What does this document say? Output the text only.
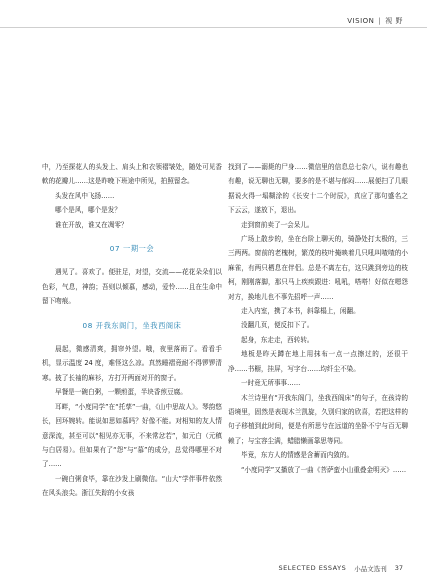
VISION | 视 野

中，乃至探花人的头发上、肩头上和衣领褶皱处，随处可见香軟的花瓣儿……这是昨晚下班途中所见，拍照留念。

头发在风中飞扬……

哪个是风，哪个是发？

谁在开放，谁又在凋零？

07 一期一会

遇见了。喜欢了。便驻足，对望，交流——花花朵朵们以色彩，气息，神韵；吾则以倾慕，感动，爱怜……且在生命中留下吻痕。

08 开我东阁门，坐我西阁床

晨起，微感清爽，拥帘外望。哦，夜里落雨了。看看手机，显示温度 24 度，难怪这么凉。真然睡褶竟耐不得锣锣清寒。披了长袖的麻衫，方打开两面对开的窗子。

早餐是一碗白粥，一颗煎蛋，半块香煎豆腐。

耳畔，“小度同学”在“托孳”一曲，《山中思故人》。琴韵悠长，回环婉转。能说如思如慕吗？好像不能。对相知的友人情意深流，甚至可以“相见亦无事，不来常忿若”，如元白（元稹与白居易）。但如果有了“怨”与“慕”的成分，总觉得哪里不对了……

一碗白粥食毕，靠在沙发上刷微信。“山大”学伴事件依然在风头浪尖。浙江失踪的小女孩

找到了——溺毙的尸身……微信里的信息总七杂八，说有趣也有趣，说无聊也无聊，要多的是不堪与郁闷……展便扫了几眼据说火得一塌糊涂的《长安十二个时辰》，真应了那句盛名之下云云，遂放下，退出。

走到窗前卖了一会呆儿。

广场上散步的，坐在台阶上聊天的，骑静处打太极的，三三两两。窗前的老槐树，繁茂的枝叶掩映着几只吼叫喳喳的小麻雀，有两只栖息在伴侣。总是不离左右，这只跳到旁边的枝柯，刚刚落脚，那只马上疾疾跟进：吼吼，嗒嗒！好似在嗯怨对方，换地儿也不事先招呼一声……

走入内室，携了本书，斜靠榻上，闲翻。

没翻几页，便反扣下了。

起身，东走走，西转转。

地板是昨天蹲在地上用抹布一点一点擦过的，还很干净……书橱，挂屏，写字台……均纤尘不染。

一时竟无所事事……

木兰诗里有“开我东阁门，坐我西阁床”的句子，在孩诗的语境里，固然是表现木兰凯旋，久别归家的欣喜，若把这样的句子移植到此时间，便是有所思兮在远道的坐卧不宁与百无聊赖了；与宝容尘满，蜡腊懒画靠思等同。

毕竟，东方人的情感是含蓄而内敛的。

“小度同学”又播放了一曲《菩萨蛮小山重叠金明灭》……

SELECTED ESSAYS 小品文选刊 37
